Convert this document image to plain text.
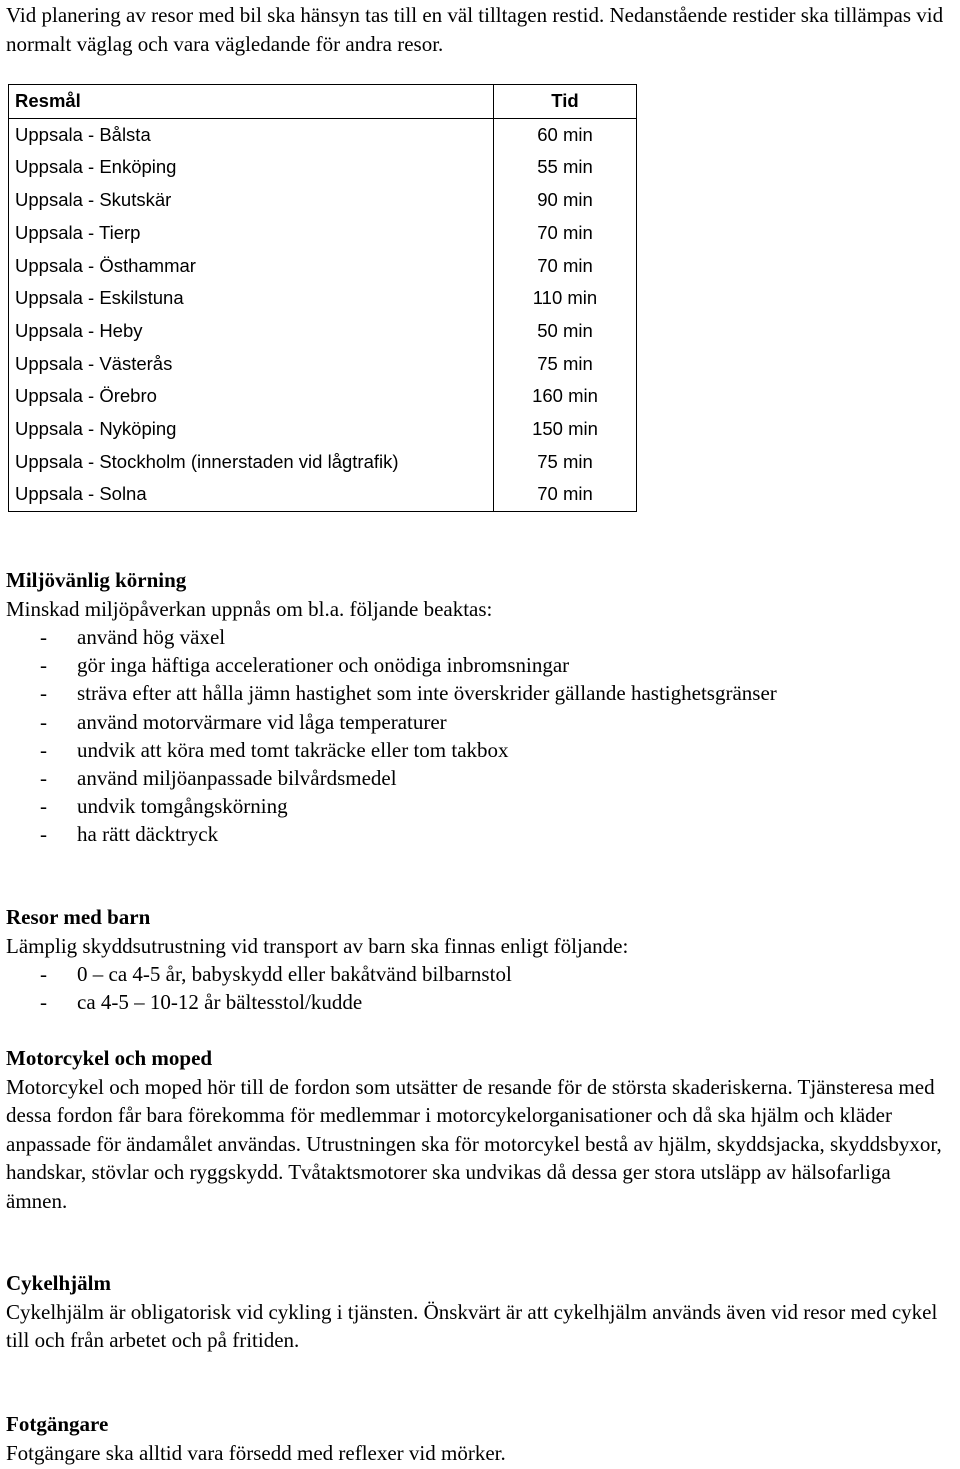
Vid planering av resor med bil ska hänsyn tas till en väl tilltagen restid. Nedanstående restider ska tillämpas vid normalt väglag och vara vägledande för andra resor.

Resmål	Tid
Uppsala - Bålsta	60 min
Uppsala - Enköping	55 min
Uppsala - Skutskär	90 min
Uppsala - Tierp	70 min
Uppsala - Östhammar	70 min
Uppsala - Eskilstuna	110 min
Uppsala - Heby	50 min
Uppsala - Västerås	75 min
Uppsala - Örebro	160 min
Uppsala - Nyköping	150 min
Uppsala - Stockholm (innerstaden vid lågtrafik)	75 min
Uppsala - Solna	70 min
Miljövänlig körning

Minskad miljöpåverkan uppnås om bl.a. följande beaktas:

- använd hög växel
- gör inga häftiga accelerationer och onödiga inbromsningar
- sträva efter att hålla jämn hastighet som inte överskrider gällande hastighetsgränser
- använd motorvärmare vid låga temperaturer
- undvik att köra med tomt takräcke eller tom takbox
- använd miljöanpassade bilvårdsmedel
- undvik tomgångskörning
- ha rätt däcktryck
Resor med barn

Lämplig skyddsutrustning vid transport av barn ska finnas enligt följande:

- 0 – ca 4-5 år, babyskydd eller bakåtvänd bilbarnstol
- ca 4-5 – 10-12 år bältesstol/kudde
Motorcykel och moped

Motorcykel och moped hör till de fordon som utsätter de resande för de största skaderiskerna. Tjänsteresa med dessa fordon får bara förekomma för medlemmar i motorcykelorganisationer och då ska hjälm och kläder anpassade för ändamålet användas. Utrustningen ska för motorcykel bestå av hjälm, skyddsjacka, skyddsbyxor, handskar, stövlar och ryggskydd. Tvåtaktsmotorer ska undvikas då dessa ger stora utsläpp av hälsofarliga ämnen.

Cykelhjälm

Cykelhjälm är obligatorisk vid cykling i tjänsten. Önskvärt är att cykelhjälm används även vid resor med cykel till och från arbetet och på fritiden.

Fotgängare

Fotgängare ska alltid vara försedd med reflexer vid mörker.
